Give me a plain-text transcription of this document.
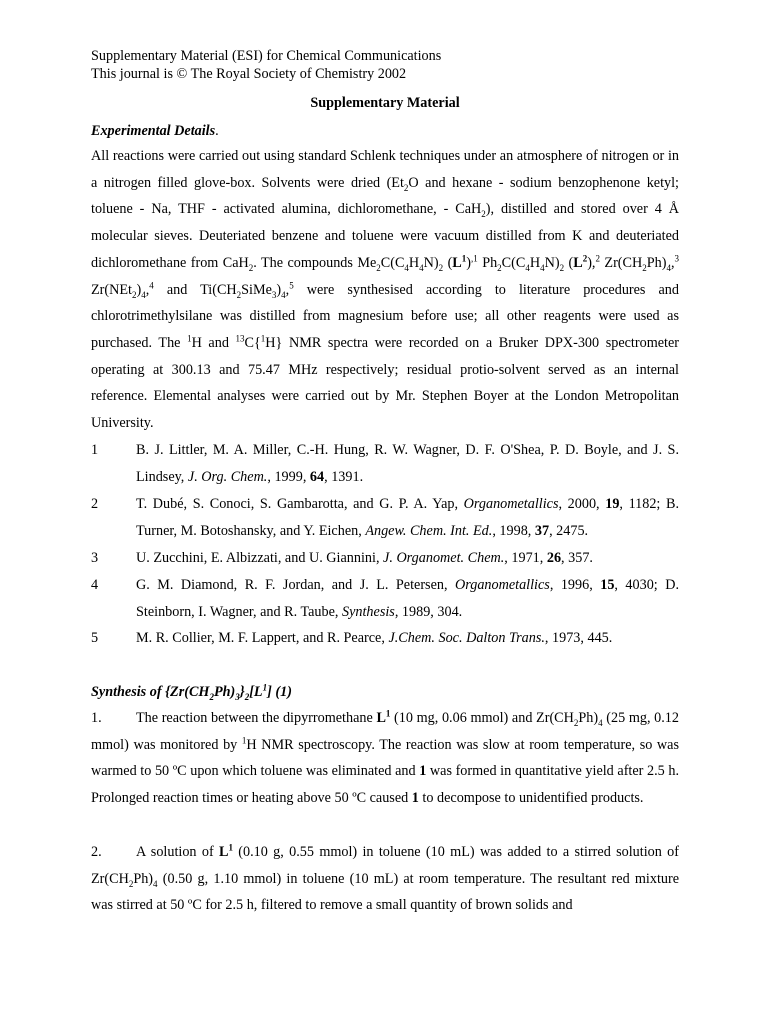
Supplementary Material (ESI) for Chemical Communications
This journal is © The Royal Society of Chemistry 2002
Supplementary Material
Experimental Details.
All reactions were carried out using standard Schlenk techniques under an atmosphere of nitrogen or in a nitrogen filled glove-box. Solvents were dried ($Et_2O$ and hexane - sodium benzophenone ketyl; toluene - Na, THF - activated alumina, dichloromethane, - CaH$_2$), distilled and stored over 4 Å molecular sieves. Deuteriated benzene and toluene were vacuum distilled from K and deuteriated dichloromethane from CaH$_2$. The compounds $Me_2C(C_4H_4N)_2$ $(L^1)^{,1}$ $Ph_2C(C_4H_4N)_2$ $(L^2),^2$ $Zr(CH_2Ph)_4,^3$ $Zr(NEt_2)_4,^4$ and $Ti(CH_2SiMe_3)_4,^5$ were synthesised according to literature procedures and chlorotrimethylsilane was distilled from magnesium before use; all other reagents were used as purchased. The $^1$H and $^{13}$C{$^1$H} NMR spectra were recorded on a Bruker DPX-300 spectrometer operating at 300.13 and 75.47 MHz respectively; residual protio-solvent served as an internal reference. Elemental analyses were carried out by Mr. Stephen Boyer at the London Metropolitan University.
1	B. J. Littler, M. A. Miller, C.-H. Hung, R. W. Wagner, D. F. O'Shea, P. D. Boyle, and J. S. Lindsey, J. Org. Chem., 1999, 64, 1391.
2	T. Dubé, S. Conoci, S. Gambarotta, and G. P. A. Yap, Organometallics, 2000, 19, 1182; B. Turner, M. Botoshansky, and Y. Eichen, Angew. Chem. Int. Ed., 1998, 37, 2475.
3	U. Zucchini, E. Albizzati, and U. Giannini, J. Organomet. Chem., 1971, 26, 357.
4	G. M. Diamond, R. F. Jordan, and J. L. Petersen, Organometallics, 1996, 15, 4030; D. Steinborn, I. Wagner, and R. Taube, Synthesis, 1989, 304.
5	M. R. Collier, M. F. Lappert, and R. Pearce, J.Chem. Soc. Dalton Trans., 1973, 445.
Synthesis of $\{Zr(CH_2Ph)_3\}_2[L^1]$ (1)
1. The reaction between the dipyrromethane $L^1$ (10 mg, 0.06 mmol) and $Zr(CH_2Ph)_4$ (25 mg, 0.12 mmol) was monitored by $^1$H NMR spectroscopy. The reaction was slow at room temperature, so was warmed to 50 ºC upon which toluene was eliminated and 1 was formed in quantitative yield after 2.5 h. Prolonged reaction times or heating above 50 ºC caused 1 to decompose to unidentified products.
2. A solution of $L^1$ (0.10 g, 0.55 mmol) in toluene (10 mL) was added to a stirred solution of $Zr(CH_2Ph)_4$ (0.50 g, 1.10 mmol) in toluene (10 mL) at room temperature. The resultant red mixture was stirred at 50 ºC for 2.5 h, filtered to remove a small quantity of brown solids and
